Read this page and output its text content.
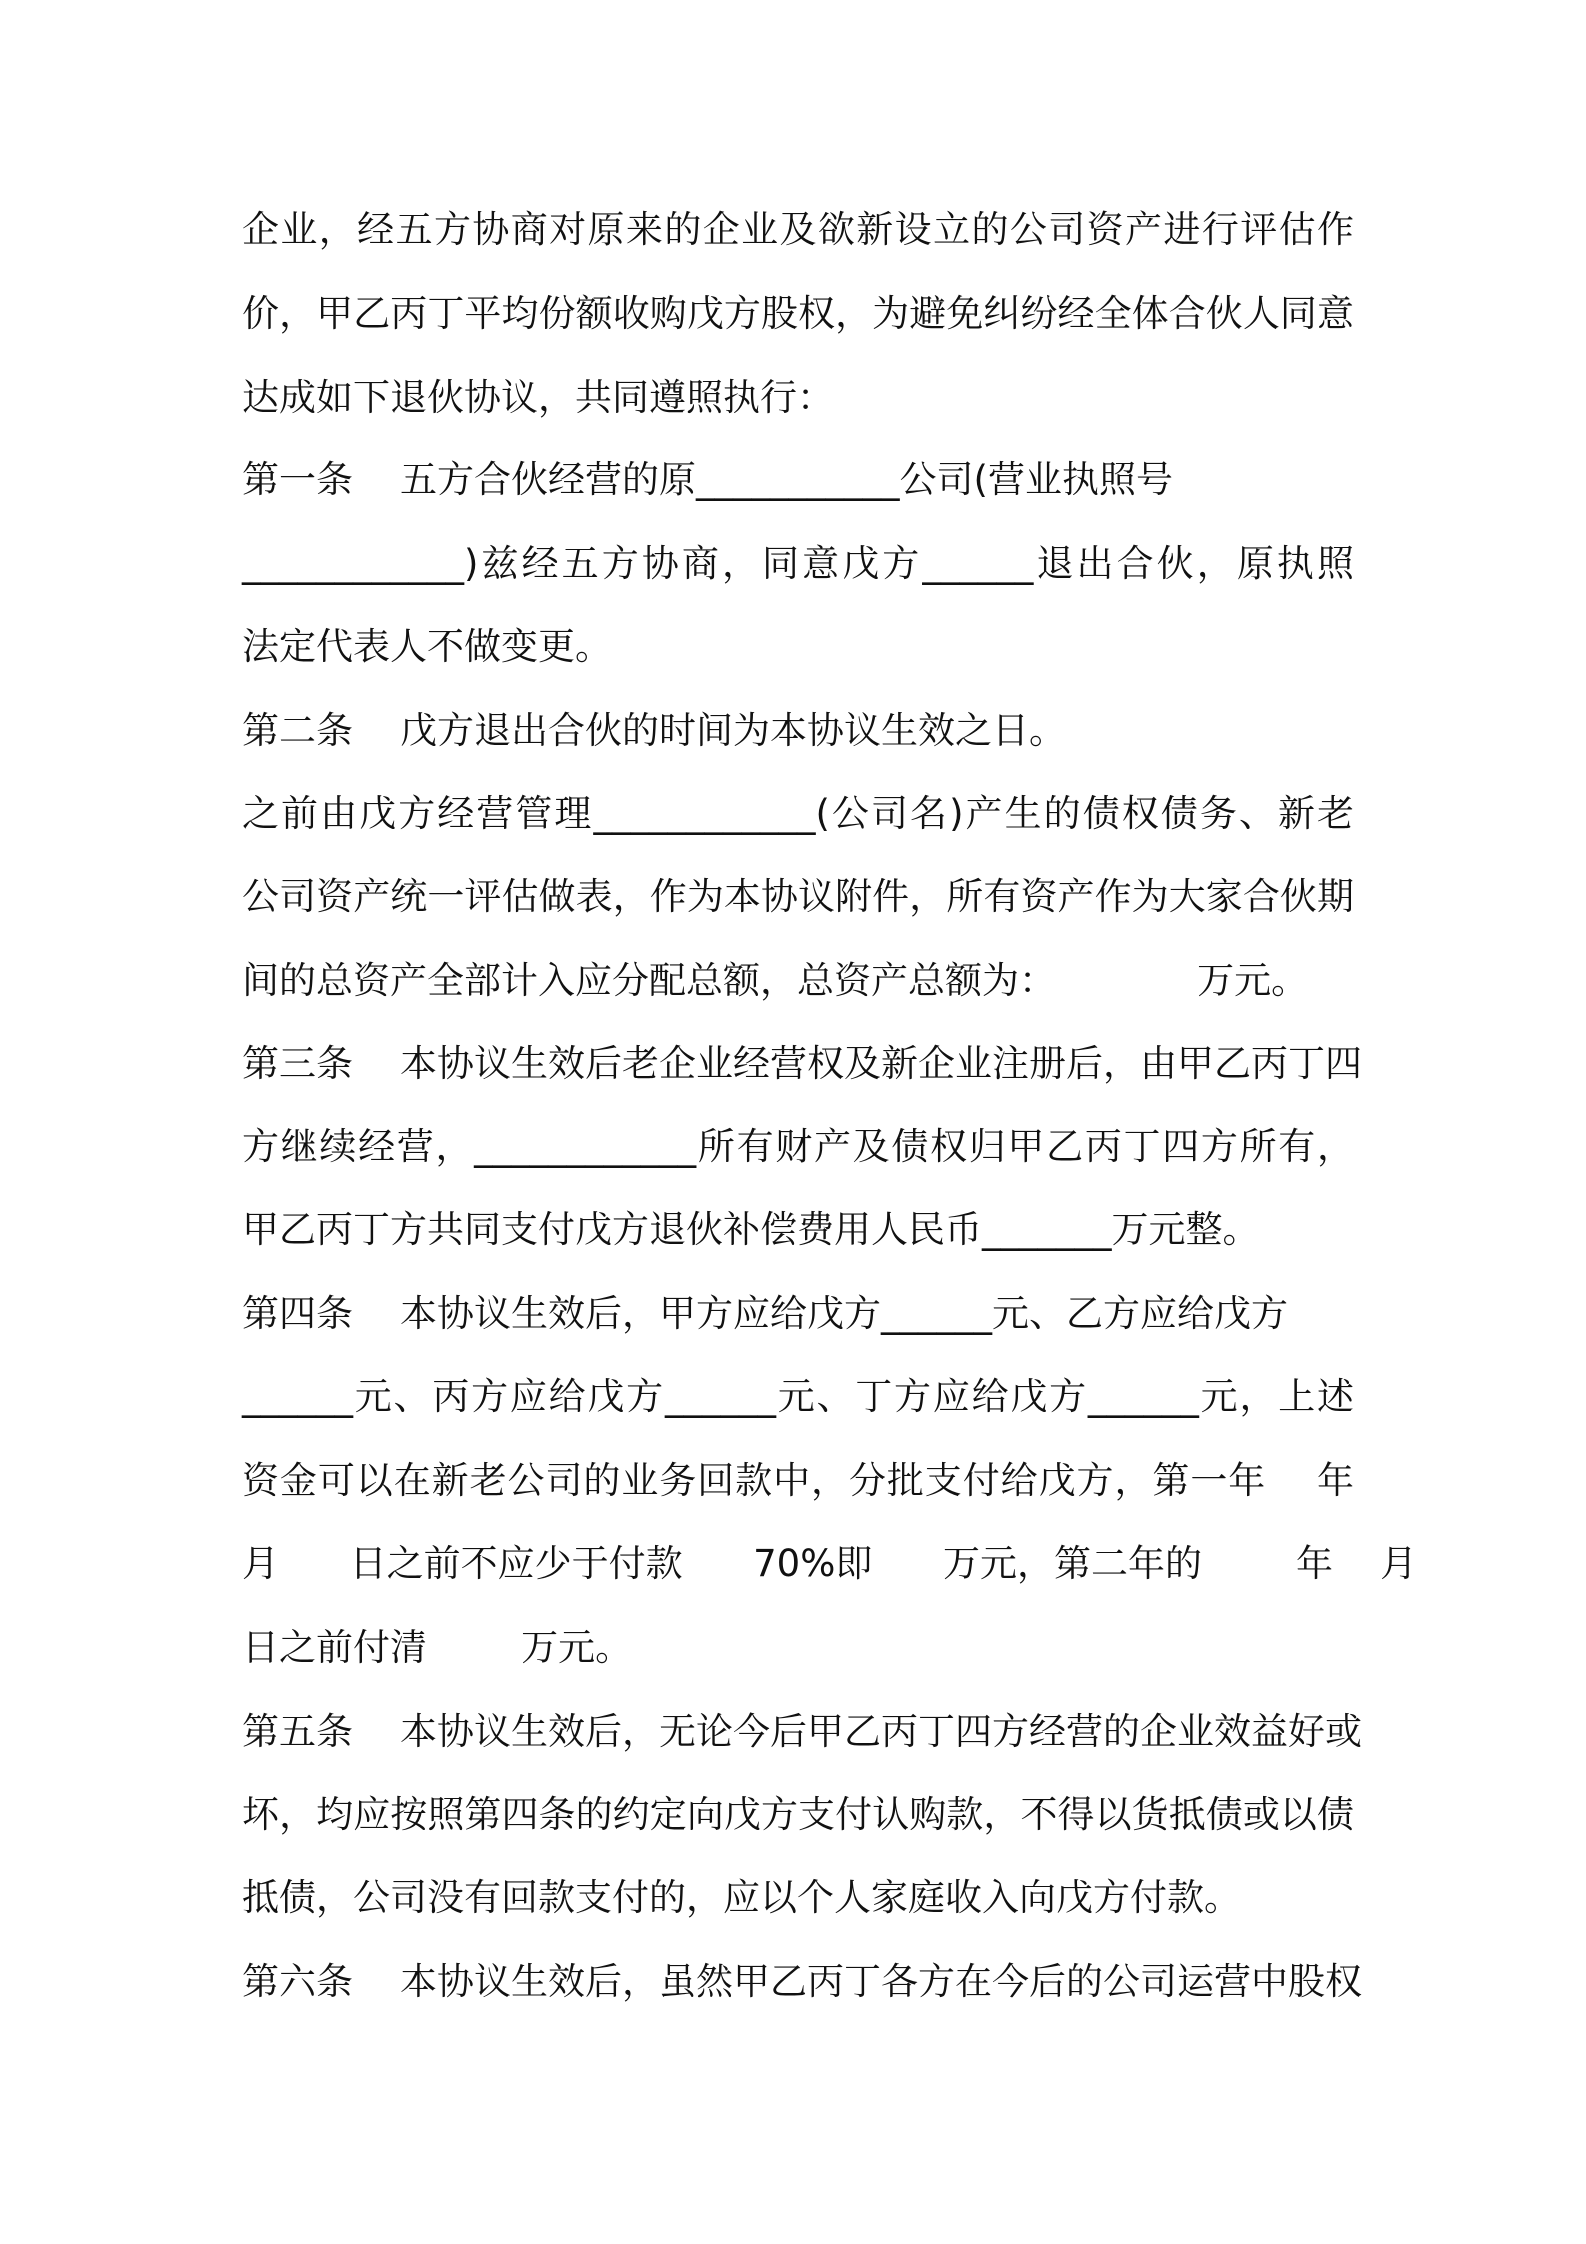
企业，经五方协商对原来的企业及欲新设立的公司资产进行评估作
价，甲乙丙丁平均份额收购戊方股权，为避免纠纷经全体合伙人同意
达成如下退伙协议，共同遵照执行：
第一条    五方合伙经营的原___________公司(营业执照号
____________)兹经五方协商，同意戊方______退出合伙，原执照
法定代表人不做变更。
第二条    戊方退出合伙的时间为本协议生效之日。
之前由戊方经营管理____________(公司名)产生的债权债务、新老
公司资产统一评估做表，作为本协议附件，所有资产作为大家合伙期
间的总资产全部计入应分配总额，总资产总额为：            万元。
第三条    本协议生效后老企业经营权及新企业注册后，由甲乙丙丁四
方继续经营，____________所有财产及债权归甲乙丙丁四方所有，
甲乙丙丁方共同支付戊方退伙补偿费用人民币_______万元整。
第四条    本协议生效后，甲方应给戊方______元、乙方应给戊方
______元、丙方应给戊方______元、丁方应给戊方______元，上述
资金可以在新老公司的业务回款中，分批支付给戊方，第一年    年
月      日之前不应少于付款      70%即      万元，第二年的        年    月
日之前付清        万元。
第五条    本协议生效后，无论今后甲乙丙丁四方经营的企业效益好或
坏，均应按照第四条的约定向戊方支付认购款，不得以货抵债或以债
抵债，公司没有回款支付的，应以个人家庭收入向戊方付款。
第六条    本协议生效后，虽然甲乙丙丁各方在今后的公司运营中股权
